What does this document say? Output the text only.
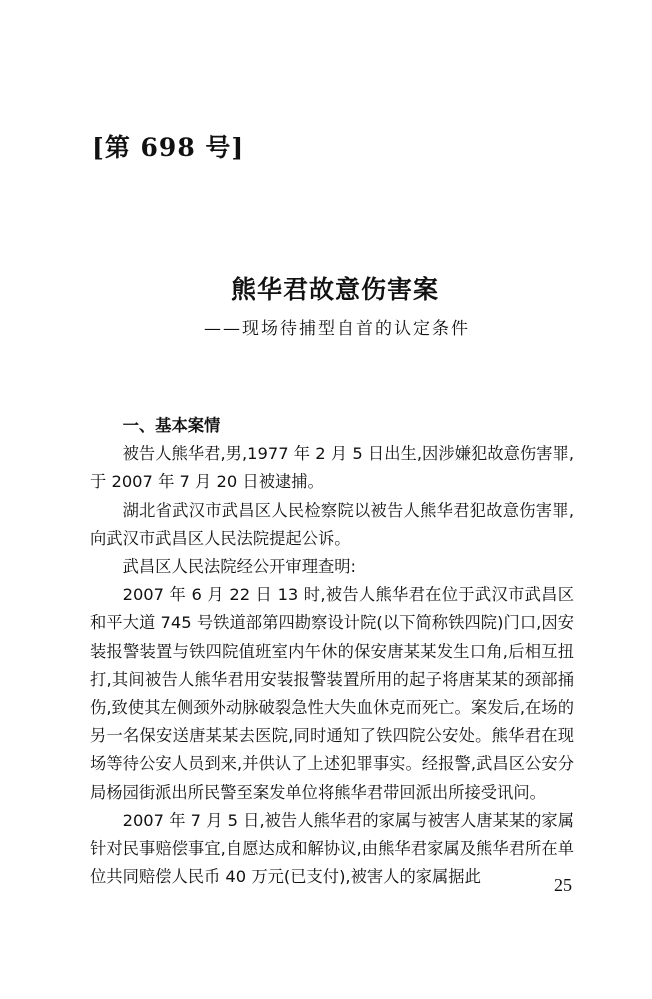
[第 698 号]
熊华君故意伤害案
——现场待捕型自首的认定条件

一、基本案情

被告人熊华君,男,1977 年 2 月 5 日出生,因涉嫌犯故意伤害罪,于 2007 年 7 月 20 日被逮捕。

湖北省武汉市武昌区人民检察院以被告人熊华君犯故意伤害罪,向武汉市武昌区人民法院提起公诉。

武昌区人民法院经公开审理查明:

2007 年 6 月 22 日 13 时,被告人熊华君在位于武汉市武昌区和平大道 745 号铁道部第四勘察设计院(以下简称铁四院)门口,因安装报警装置与铁四院值班室内午休的保安唐某某发生口角,后相互扭打,其间被告人熊华君用安装报警装置所用的起子将唐某某的颈部捅伤,致使其左侧颈外动脉破裂急性大失血休克而死亡。案发后,在场的另一名保安送唐某某去医院,同时通知了铁四院公安处。熊华君在现场等待公安人员到来,并供认了上述犯罪事实。经报警,武昌区公安分局杨园街派出所民警至案发单位将熊华君带回派出所接受讯问。

2007 年 7 月 5 日,被告人熊华君的家属与被害人唐某某的家属针对民事赔偿事宜,自愿达成和解协议,由熊华君家属及熊华君所在单位共同赔偿人民币 40 万元(已支付),被害人的家属据此	25
